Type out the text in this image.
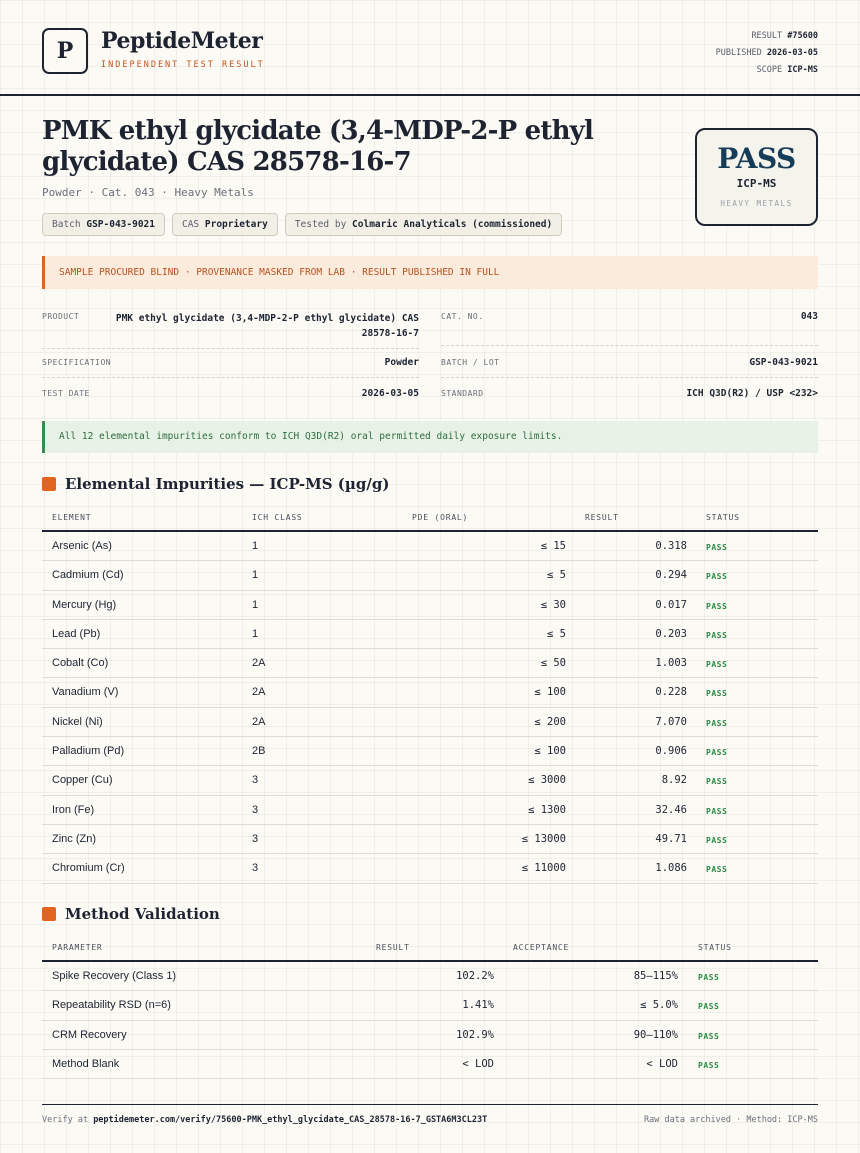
P	PeptideMeter
INDEPENDENT TEST RESULT
RESULT #75600
PUBLISHED 2026-03-05
SCOPE ICP-MS
PMK ethyl glycidate (3,4-MDP-2-P ethyl glycidate) CAS 28578-16-7
Powder · Cat. 043 · Heavy Metals
Batch GSP-043-9021	CAS Proprietary	Tested by Colmaric Analyticals (commissioned)
PASS
ICP-MS
HEAVY METALS
SAMPLE PROCURED BLIND · PROVENANCE MASKED FROM LAB · RESULT PUBLISHED IN FULL
PRODUCT	PMK ethyl glycidate (3,4-MDP-2-P ethyl glycidate) CAS 28578-16-7
CAT. NO.	043
SPECIFICATION	Powder	BATCH / LOT	GSP-043-9021
TEST DATE	2026-03-05	STANDARD	ICH Q3D(R2) / USP <232>
All 12 elemental impurities conform to ICH Q3D(R2) oral permitted daily exposure limits.
Elemental Impurities — ICP-MS (µg/g)
ELEMENT	ICH CLASS	PDE (ORAL)	RESULT	STATUS
Arsenic (As)	1	≤ 15	0.318 PASS
Cadmium (Cd)	1	≤ 5	0.294 PASS
Mercury (Hg)	1	≤ 30	0.017 PASS
Lead (Pb)	1	≤ 5	0.203 PASS
Cobalt (Co)	2A	≤ 50	1.003 PASS
Vanadium (V)	2A	≤ 100	0.228 PASS
Nickel (Ni)	2A	≤ 200	7.070 PASS
Palladium (Pd)	2B	≤ 100	0.906 PASS
Copper (Cu)	3	≤ 3000	8.92 PASS
Iron (Fe)	3	≤ 1300	32.46 PASS
Zinc (Zn)	3	≤ 13000	49.71 PASS
Chromium (Cr)	3	≤ 11000	1.086 PASS
Method Validation
PARAMETER	RESULT	ACCEPTANCE	STATUS
Spike Recovery (Class 1)	102.2%	85–115%	PASS
Repeatability RSD (n=6)	1.41%	≤ 5.0%	PASS
CRM Recovery	102.9%	90–110%	PASS
Method Blank	< LOD	< LOD	PASS
Verify at peptidemeter.com/verify/75600-PMK_ethyl_glycidate_CAS_28578-16-7_GSTA6M3CL23T	Raw data archived · Method: ICP-MS
